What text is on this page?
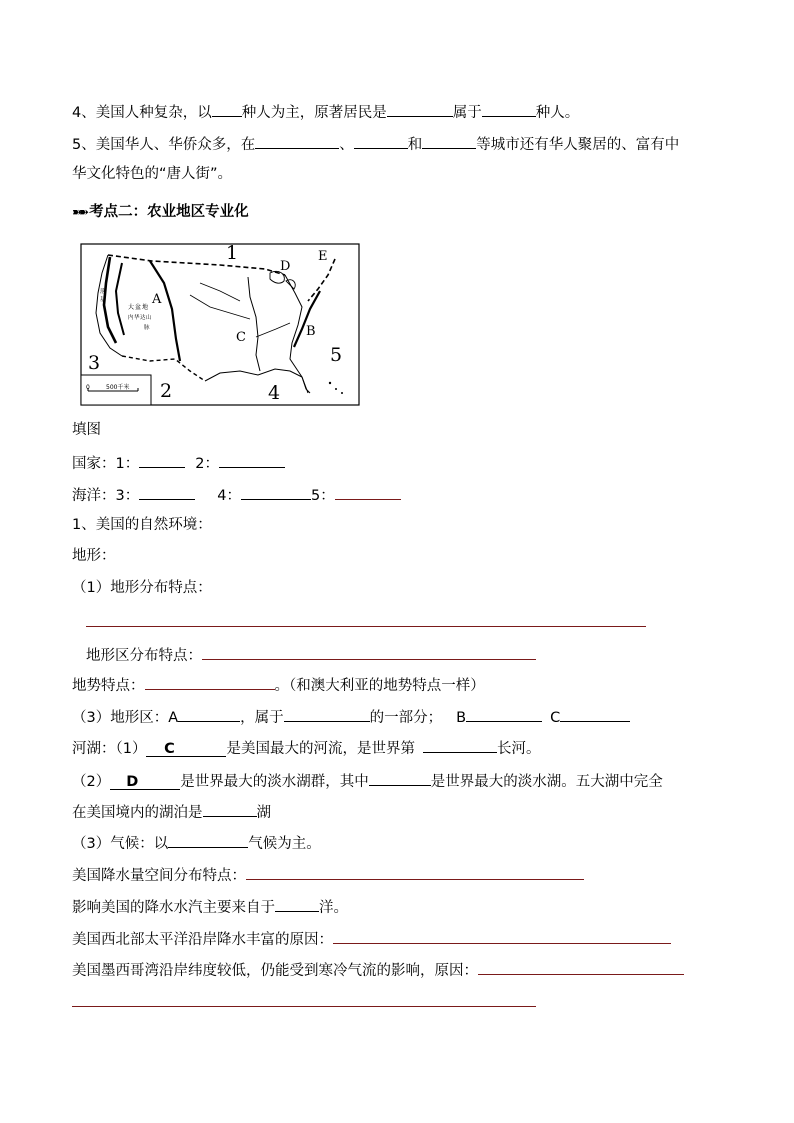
4、美国人种复杂，以 种人为主，原著居民是	属于	种人。
5、美国华人、华侨众多，在	、	和	等城市还有华人聚居的、富有中
华文化特色的“唐人街”。
➽➽ 考点二：农业地区专业化
0	500千米
1
2
3
4
5
A
B
C
D
E
大 盆 地
内 华 达 山
脉
落
基
填图
国家：1：	2：
海洋：3：	4：	5：
1、美国的自然环境：
地形：
（1）地形分布特点：
地形区分布特点：
地势特点：	。（和澳大利亚的地势特点一样）
（3）地形区：A	，属于	的一部分； B	C
河湖：（1） C	是美国最大的河流，是世界第	长河。
（2） D	是世界最大的淡水湖群，其中	是世界最大的淡水湖。五大湖中完全
在美国境内的湖泊是	湖
（3）气候：以	气候为主。
美国降水量空间分布特点：
影响美国的降水水汽主要来自于	洋。
美国西北部太平洋沿岸降水丰富的原因：
美国墨西哥湾沿岸纬度较低，仍能受到寒冷气流的影响，原因：
